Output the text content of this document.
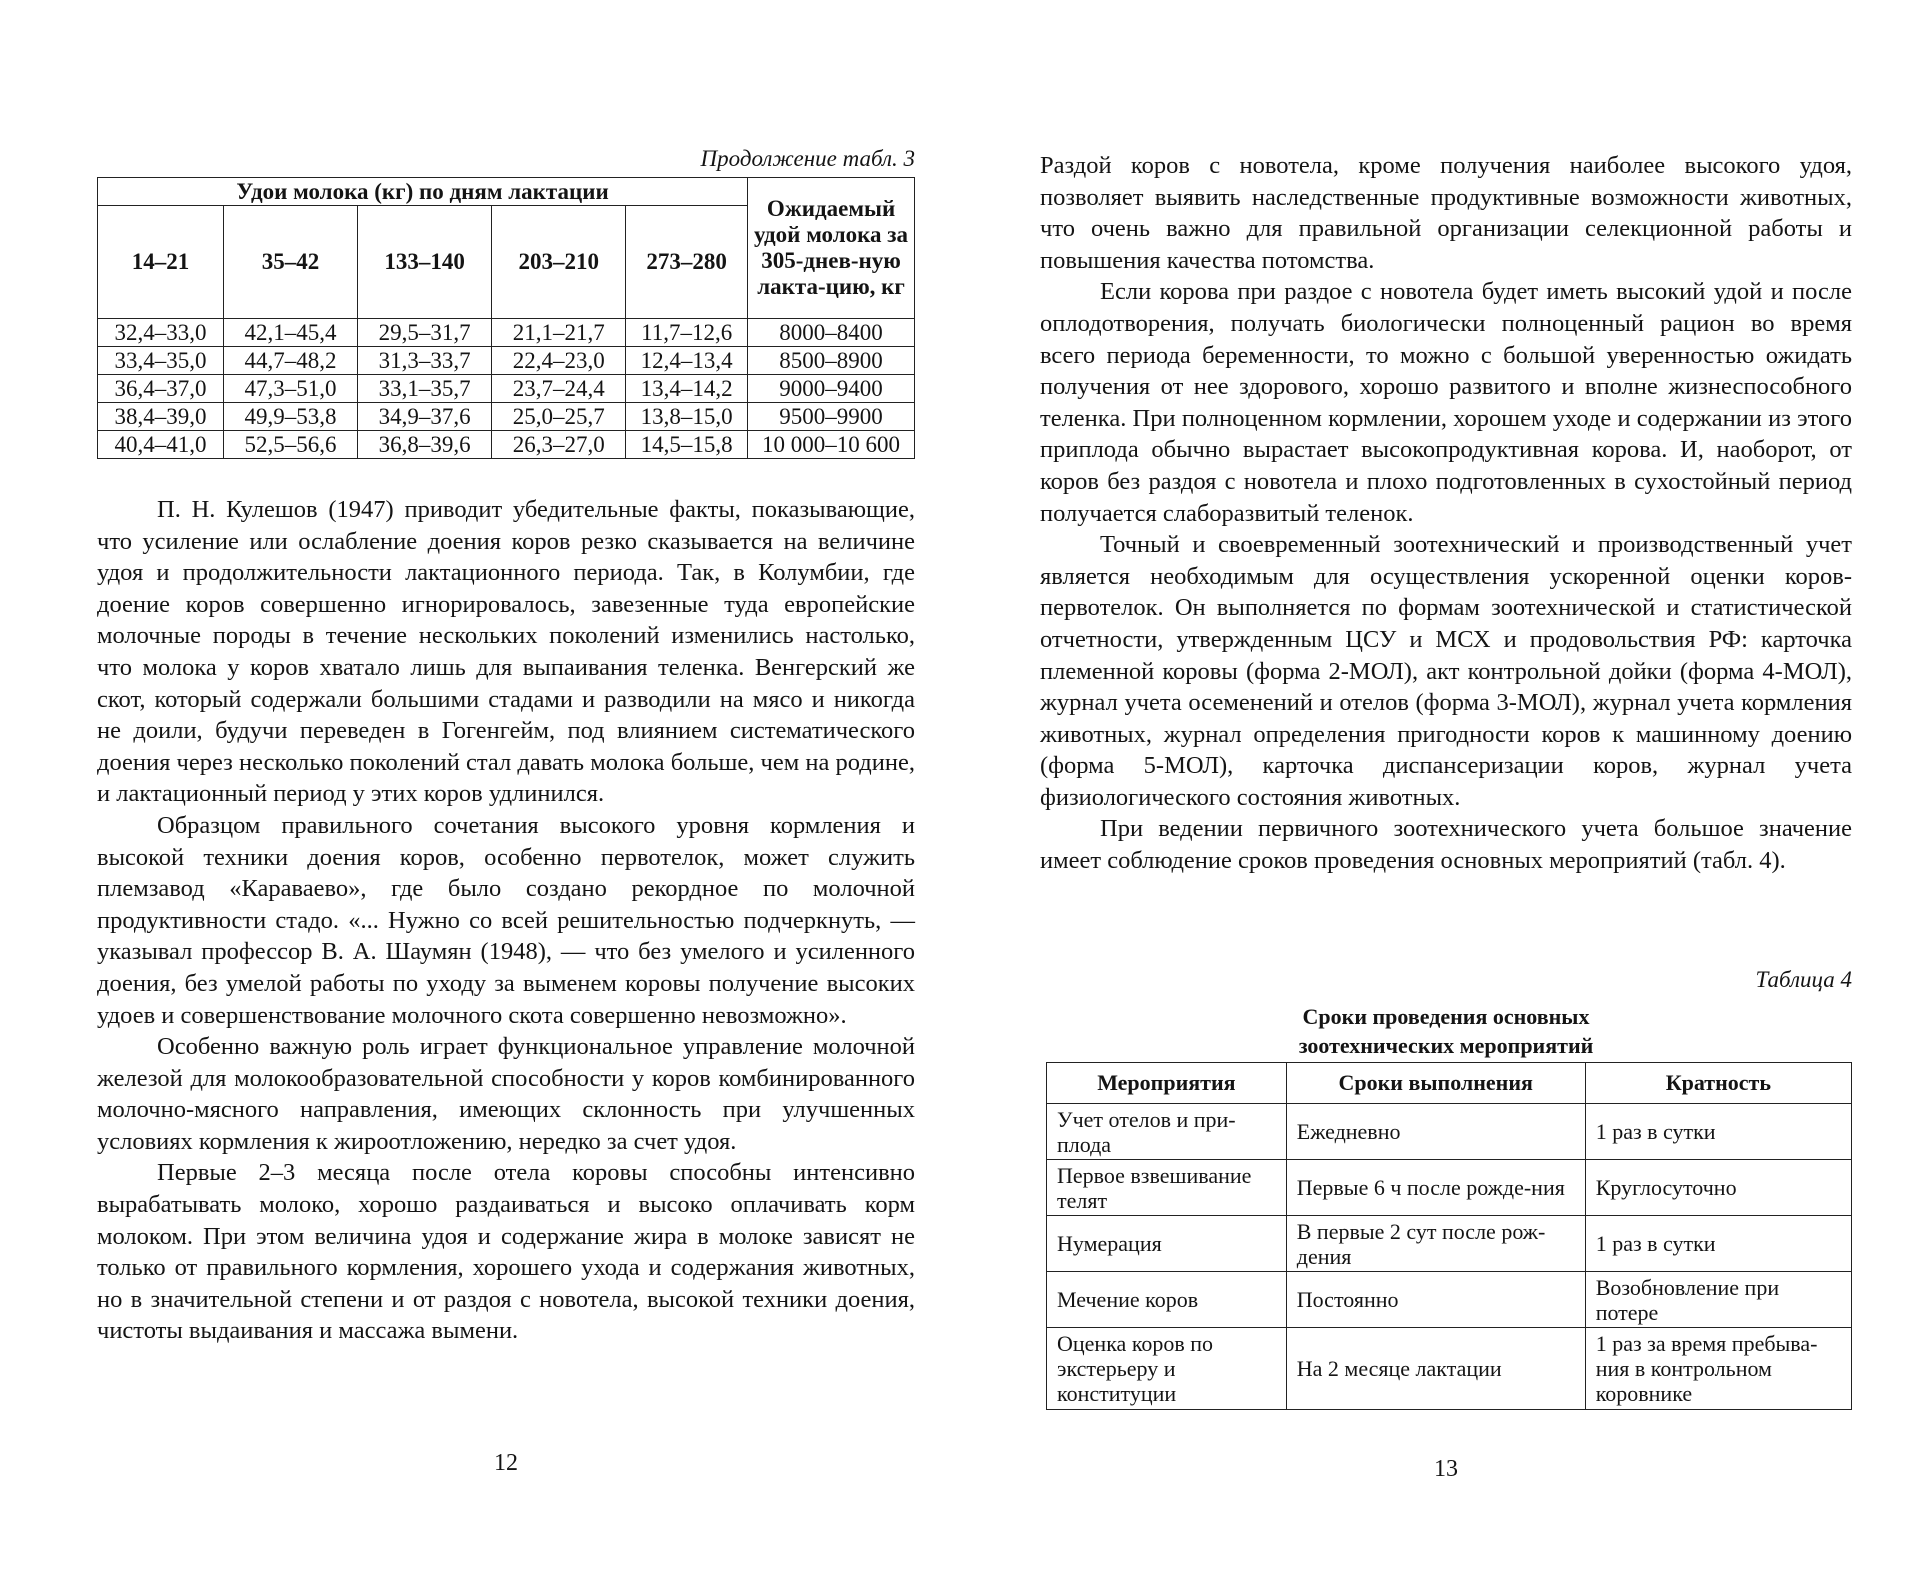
Продолжение табл. 3
Удои молока (кг) по дням лактации					Ожидаемый удой молока за 305-днев-ную лакта-цию, кг
14–21	35–42	133–140	203–210	273–280	
32,4–33,0	42,1–45,4	29,5–31,7	21,1–21,7	11,7–12,6	8000–8400
33,4–35,0	44,7–48,2	31,3–33,7	22,4–23,0	12,4–13,4	8500–8900
36,4–37,0	47,3–51,0	33,1–35,7	23,7–24,4	13,4–14,2	9000–9400
38,4–39,0	49,9–53,8	34,9–37,6	25,0–25,7	13,8–15,0	9500–9900
40,4–41,0	52,5–56,6	36,8–39,6	26,3–27,0	14,5–15,8	10 000–10 600

П. Н. Кулешов (1947) приводит убедительные факты, показывающие, что усиление или ослабление доения коров резко сказывается на величине удоя и продолжительности лактационного периода. Так, в Колумбии, где доение коров совершенно игнорировалось, завезенные туда европейские молочные породы в течение нескольких поколений изменились настолько, что молока у коров хватало лишь для выпаивания теленка. Венгерский же скот, который содержали большими стадами и разводили на мясо и никогда не доили, будучи переведен в Гогенгейм, под влиянием систематического доения через несколько поколений стал давать молока больше, чем на родине, и лактационный период у этих коров удлинился.

Образцом правильного сочетания высокого уровня кормления и высокой техники доения коров, особенно первотелок, может служить племзавод «Караваево», где было создано рекордное по молочной продуктивности стадо. «... Нужно со всей решительностью подчеркнуть, — указывал профессор В. А. Шаумян (1948), — что без умелого и усиленного доения, без умелой работы по уходу за выменем коровы получение высоких удоев и совершенствование молочного скота совершенно невозможно».

Особенно важную роль играет функциональное управление молочной железой для молокообразовательной способности у коров комбинированного молочно-мясного направления, имеющих склонность при улучшенных условиях кормления к жироотложению, нередко за счет удоя.

Первые 2–3 месяца после отела коровы способны интенсивно вырабатывать молоко, хорошо раздаиваться и высоко оплачивать корм молоком. При этом величина удоя и содержание жира в молоке зависят не только от правильного кормления, хорошего ухода и содержания животных, но в значительной степени и от раздоя с новотела, высокой техники доения, чистоты выдаивания и массажа вымени.

12

Раздой коров с новотела, кроме получения наиболее высокого удоя, позволяет выявить наследственные продуктивные возможности животных, что очень важно для правильной организации селекционной работы и повышения качества потомства.

Если корова при раздое с новотела будет иметь высокий удой и после оплодотворения, получать биологически полноценный рацион во время всего периода беременности, то можно с большой уверенностью ожидать получения от нее здорового, хорошо развитого и вполне жизнеспособного теленка. При полноценном кормлении, хорошем уходе и содержании из этого приплода обычно вырастает высокопродуктивная корова. И, наоборот, от коров без раздоя с новотела и плохо подготовленных в сухостойный период получается слаборазвитый теленок.

Точный и своевременный зоотехнический и производственный учет является необходимым для осуществления ускоренной оценки коров-первотелок. Он выполняется по формам зоотехнической и статистической отчетности, утвержденным ЦСУ и МСХ и продовольствия РФ: карточка племенной коровы (форма 2-МОЛ), акт контрольной дойки (форма 4-МОЛ), журнал учета осеменений и отелов (форма 3-МОЛ), журнал учета кормления животных, журнал определения пригодности коров к машинному доению (форма 5-МОЛ), карточка диспансеризации коров, журнал учета физиологического состояния животных.

При ведении первичного зоотехнического учета большое значение имеет соблюдение сроков проведения основных мероприятий (табл. 4).

Таблица 4
Сроки проведения основных
зоотехнических мероприятий
Мероприятия	Сроки выполнения	Кратность
Учет отелов и при-плода	Ежедневно	1 раз в сутки
Первое взвешивание телят	Первые 6 ч после рожде-ния	Круглосуточно
Нумерация	В первые 2 сут после рож-дения	1 раз в сутки
Мечение коров	Постоянно	Возобновление при потере
Оценка коров по экстерьеру и конституции	На 2 месяце лактации	1 раз за время пребыва-ния в контрольном коровнике
13
